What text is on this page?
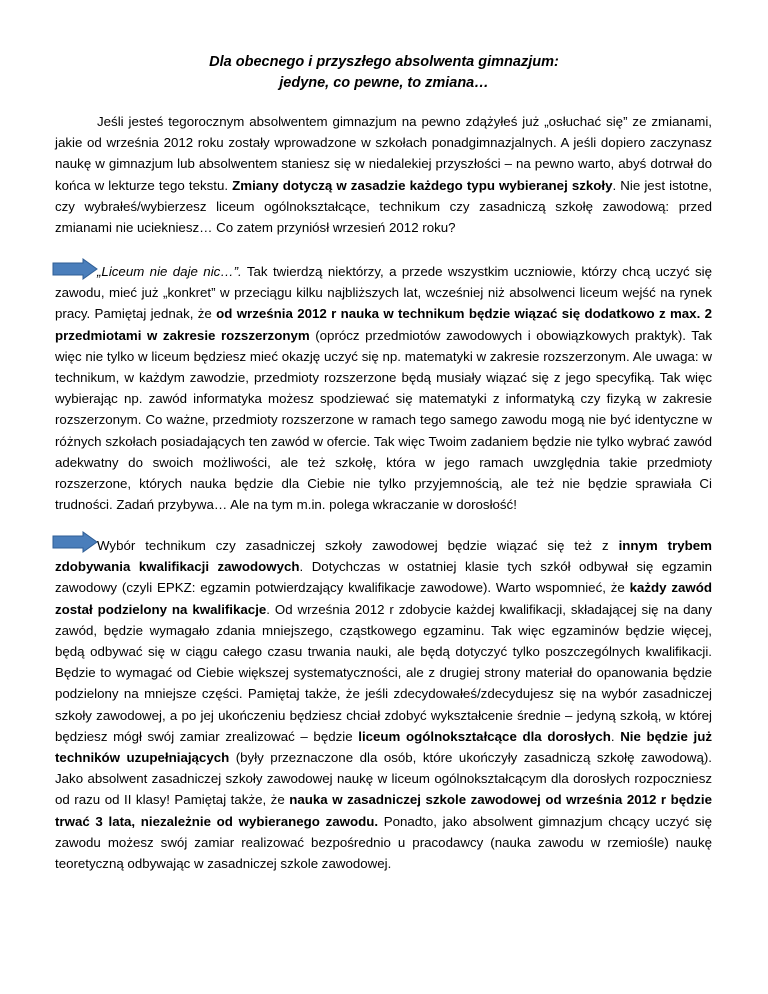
Dla obecnego i przyszłego absolwenta gimnazjum:
jedyne, co pewne, to zmiana…

Jeśli jesteś tegorocznym absolwentem gimnazjum na pewno zdążyłeś już „osłuchać się” ze zmianami, jakie od września 2012 roku zostały wprowadzone w szkołach ponadgimnazjalnych. A jeśli dopiero zaczynasz naukę w gimnazjum lub absolwentem staniesz się w niedalekiej przyszłości – na pewno warto, abyś dotrwał do końca w lekturze tego tekstu. Zmiany dotyczą w zasadzie każdego typu wybieranej szkoły. Nie jest istotne, czy wybrałeś/wybierzesz liceum ogólnokształcące, technikum czy zasadniczą szkołę zawodową: przed zmianami nie uciekniesz… Co zatem przyniósł wrzesień 2012 roku?

„Liceum nie daje nic…”. Tak twierdzą niektórzy, a przede wszystkim uczniowie, którzy chcą uczyć się zawodu, mieć już „konkret” w przeciągu kilku najbliższych lat, wcześniej niż absolwenci liceum wejść na rynek pracy. Pamiętaj jednak, że od września 2012 r nauka w technikum będzie wiązać się dodatkowo z max. 2 przedmiotami w zakresie rozszerzonym (oprócz przedmiotów zawodowych i obowiązkowych praktyk). Tak więc nie tylko w liceum będziesz mieć okazję uczyć się np. matematyki w zakresie rozszerzonym. Ale uwaga: w technikum, w każdym zawodzie, przedmioty rozszerzone będą musiały wiązać się z jego specyfiką. Tak więc wybierając np. zawód informatyka możesz spodziewać się matematyki z informatyką czy fizyką w zakresie rozszerzonym. Co ważne, przedmioty rozszerzone w ramach tego samego zawodu mogą nie być identyczne w różnych szkołach posiadających ten zawód w ofercie. Tak więc Twoim zadaniem będzie nie tylko wybrać zawód adekwatny do swoich możliwości, ale też szkołę, która w jego ramach uwzględnia takie przedmioty rozszerzone, których nauka będzie dla Ciebie nie tylko przyjemnością, ale też nie będzie sprawiała Ci trudności. Zadań przybywa… Ale na tym m.in. polega wkraczanie w dorosłość!

Wybór technikum czy zasadniczej szkoły zawodowej będzie wiązać się też z innym trybem zdobywania kwalifikacji zawodowych. Dotychczas w ostatniej klasie tych szkół odbywał się egzamin zawodowy (czyli EPKZ: egzamin potwierdzający kwalifikacje zawodowe). Warto wspomnieć, że każdy zawód został podzielony na kwalifikacje. Od września 2012 r zdobycie każdej kwalifikacji, składającej się na dany zawód, będzie wymagało zdania mniejszego, cząstkowego egzaminu. Tak więc egzaminów będzie więcej, będą odbywać się w ciągu całego czasu trwania nauki, ale będą dotyczyć tylko poszczególnych kwalifikacji. Będzie to wymagać od Ciebie większej systematyczności, ale z drugiej strony materiał do opanowania będzie podzielony na mniejsze części. Pamiętaj także, że jeśli zdecydowałeś/zdecydujesz się na wybór zasadniczej szkoły zawodowej, a po jej ukończeniu będziesz chciał zdobyć wykształcenie średnie – jedyną szkołą, w której będziesz mógł swój zamiar zrealizować – będzie liceum ogólnokształcące dla dorosłych. Nie będzie już techników uzupełniających (były przeznaczone dla osób, które ukończyły zasadniczą szkołę zawodową). Jako absolwent zasadniczej szkoły zawodowej naukę w liceum ogólnokształcącym dla dorosłych rozpoczniesz od razu od II klasy! Pamiętaj także, że nauka w zasadniczej szkole zawodowej od września 2012 r będzie trwać 3 lata, niezależnie od wybieranego zawodu. Ponadto, jako absolwent gimnazjum chcący uczyć się zawodu możesz swój zamiar realizować bezpośrednio u pracodawcy (nauka zawodu w rzemiośle) naukę teoretyczną odbywając w zasadniczej szkole zawodowej.
